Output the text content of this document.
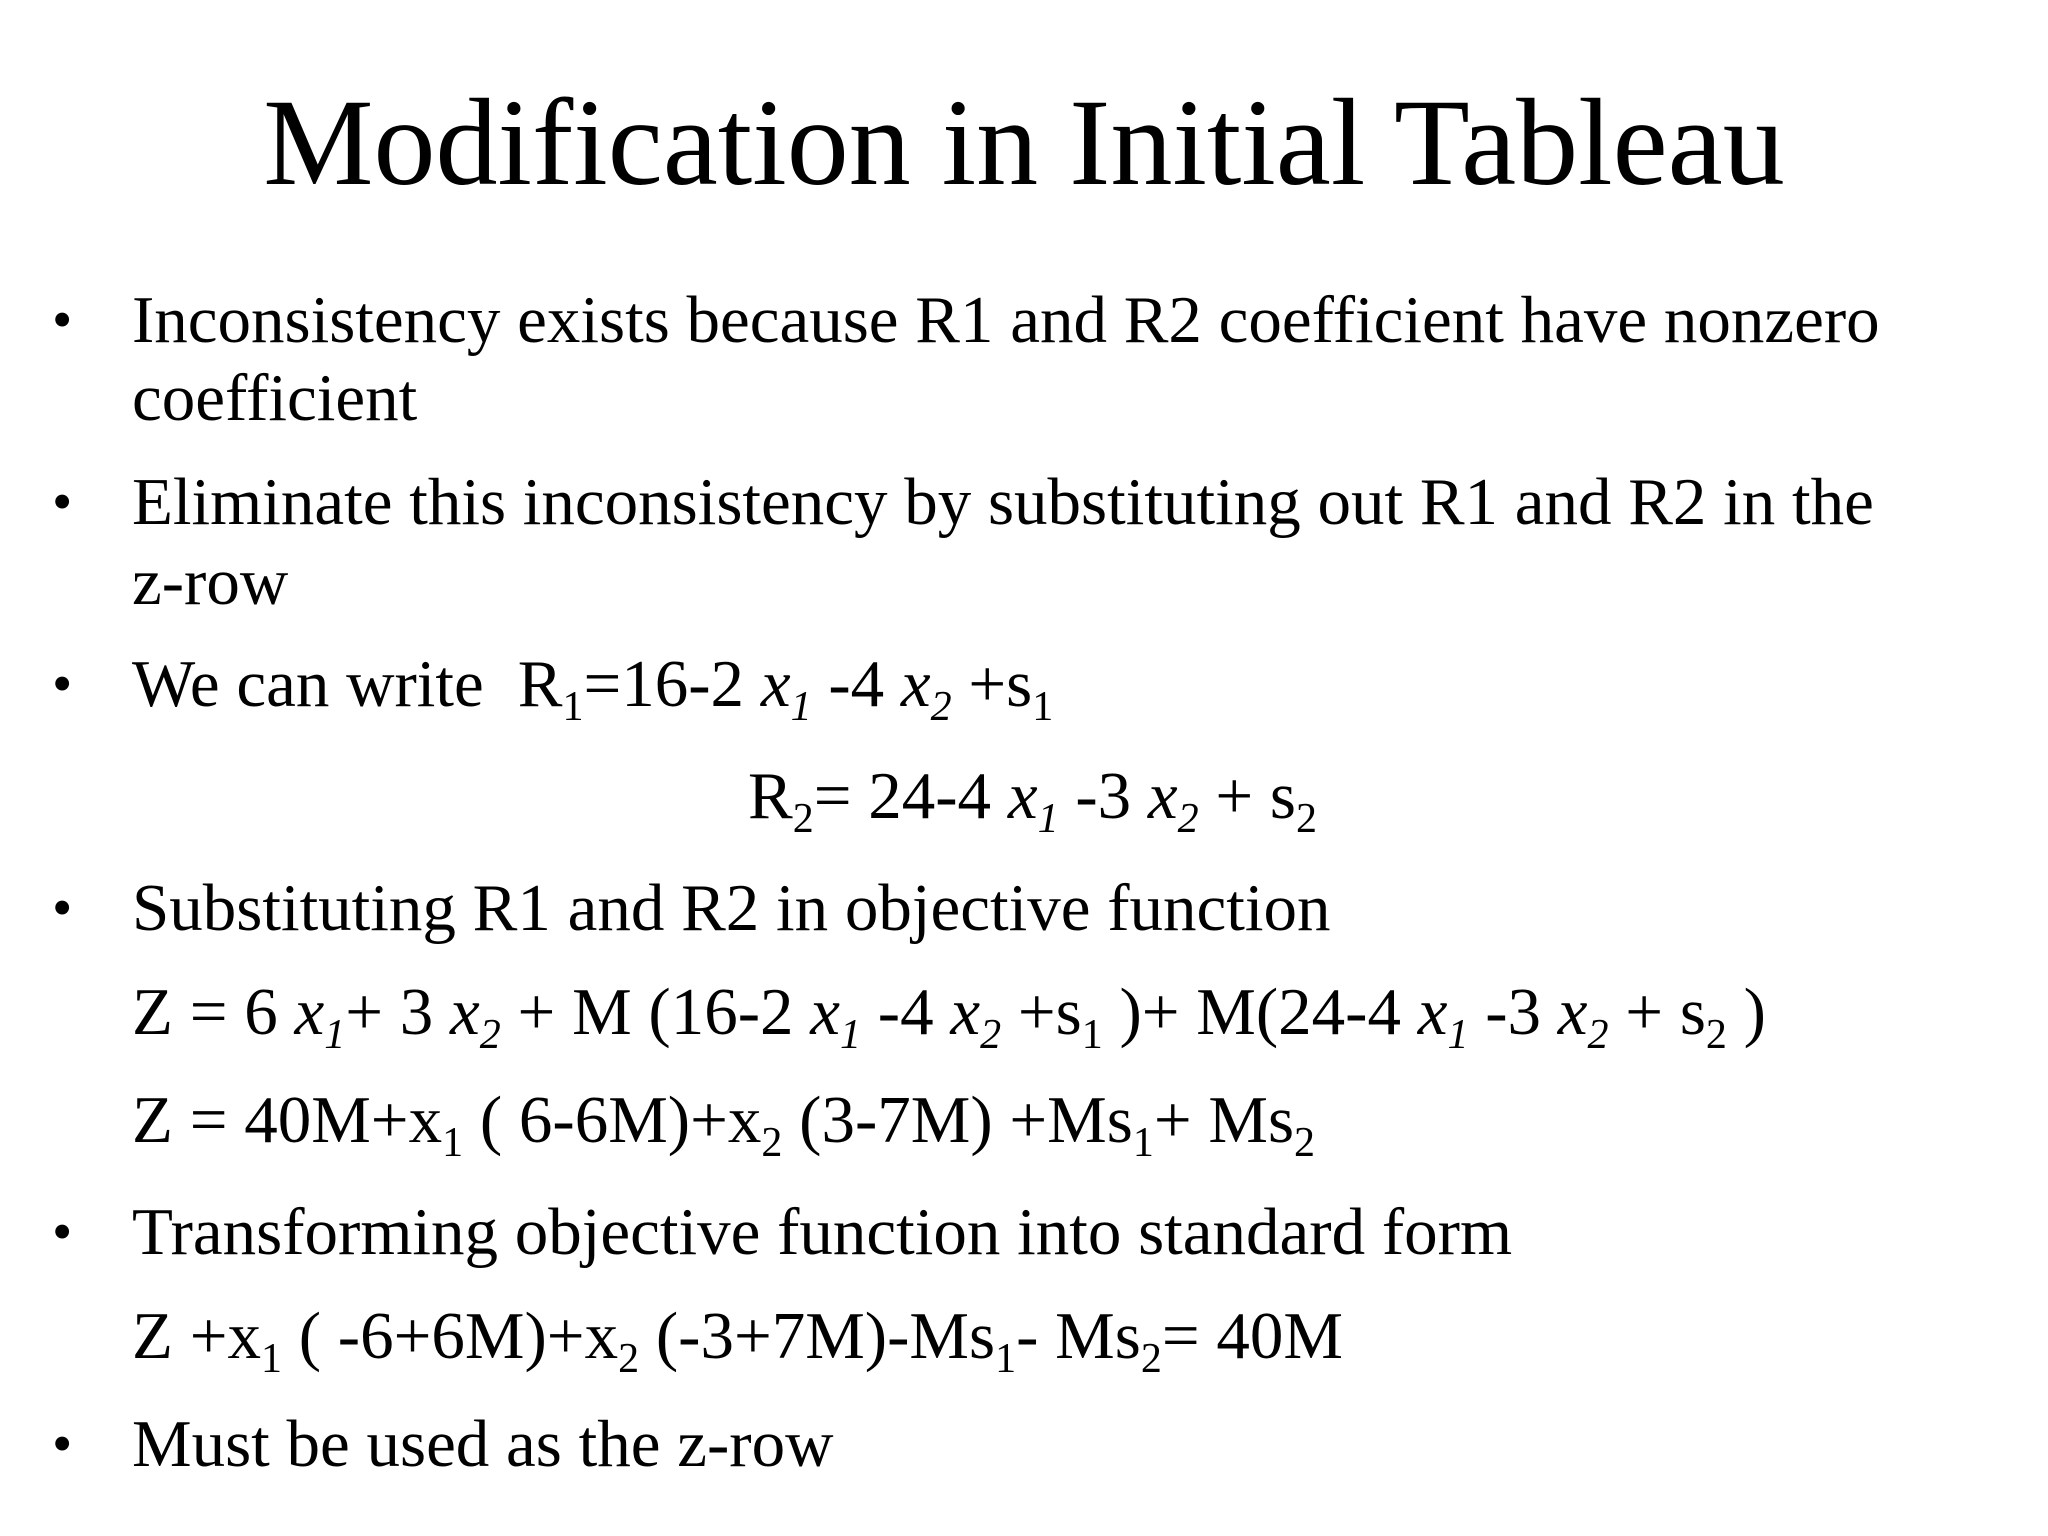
Modification in Initial Tableau
• Inconsistency exists because R1 and R2 coefficient have nonzero
coefficient
• Eliminate this inconsistency by substituting out R1 and R2 in the
z-row
• We can write $R_1=16-2$ $x_1$ -4 $x_2 +s_1$
$R_2= 24-4$ $x_1$ -3 $x_2 + s_2$
• Substituting R1 and R2 in objective function
Z = 6 $x_1+ 3$ $x_2 + M$ (16-2 $x_1$ -4 $x_2 +s_1$ )+ M(24-4 $x_1$ -3 $x_2 + s_2$ )
$Z = 40M+x_1$ ( $6-6M)+x_2$ $(3-7M) +Ms_1+ Ms_2$
• Transforming objective function into standard form
$Z +x_1$ ( $-6+6M)+x_2$ $(-3+7M)-Ms_1-$ $Ms_2= 40M$
• Must be used as the z-row
